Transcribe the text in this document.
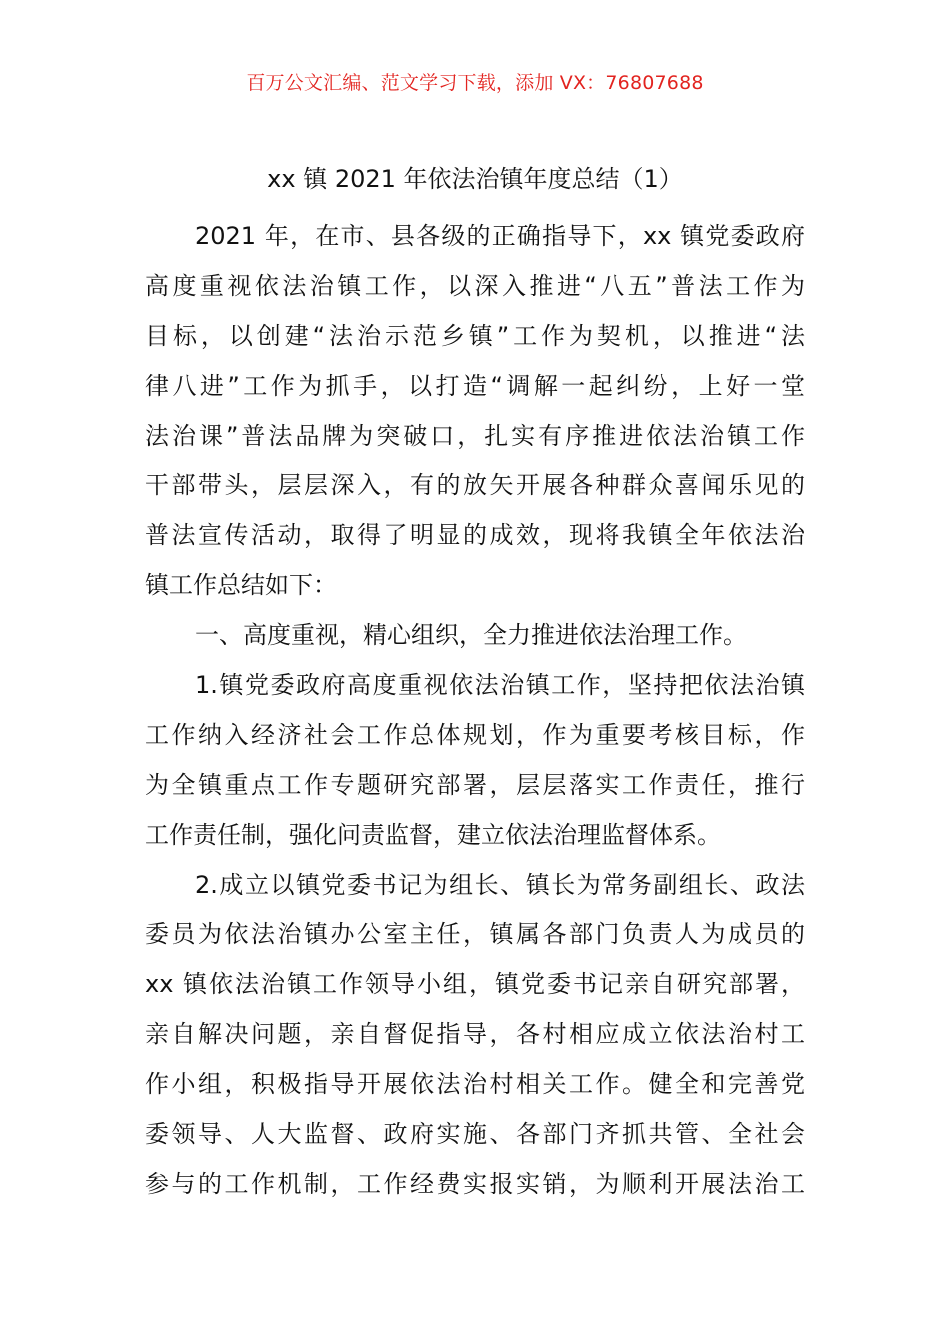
百万公文汇编、范文学习下载，添加 VX：76807688
xx 镇 2021 年依法治镇年度总结（1）
2021 年，在市、县各级的正确指导下，xx 镇党委政府
高度重视依法治镇工作，以深入推进“八五”普法工作为
目标，以创建“法治示范乡镇”工作为契机，以推进“法
律八进”工作为抓手，以打造“调解一起纠纷，上好一堂
法治课”普法品牌为突破口，扎实有序推进依法治镇工作
干部带头，层层深入，有的放矢开展各种群众喜闻乐见的
普法宣传活动，取得了明显的成效，现将我镇全年依法治
镇工作总结如下：
一、高度重视，精心组织，全力推进依法治理工作。
1.镇党委政府高度重视依法治镇工作，坚持把依法治镇
工作纳入经济社会工作总体规划，作为重要考核目标，作
为全镇重点工作专题研究部署，层层落实工作责任，推行
工作责任制，强化问责监督，建立依法治理监督体系。
2.成立以镇党委书记为组长、镇长为常务副组长、政法
委员为依法治镇办公室主任，镇属各部门负责人为成员的
xx 镇依法治镇工作领导小组，镇党委书记亲自研究部署，
亲自解决问题，亲自督促指导，各村相应成立依法治村工
作小组，积极指导开展依法治村相关工作。健全和完善党
委领导、人大监督、政府实施、各部门齐抓共管、全社会
参与的工作机制，工作经费实报实销，为顺利开展法治工
